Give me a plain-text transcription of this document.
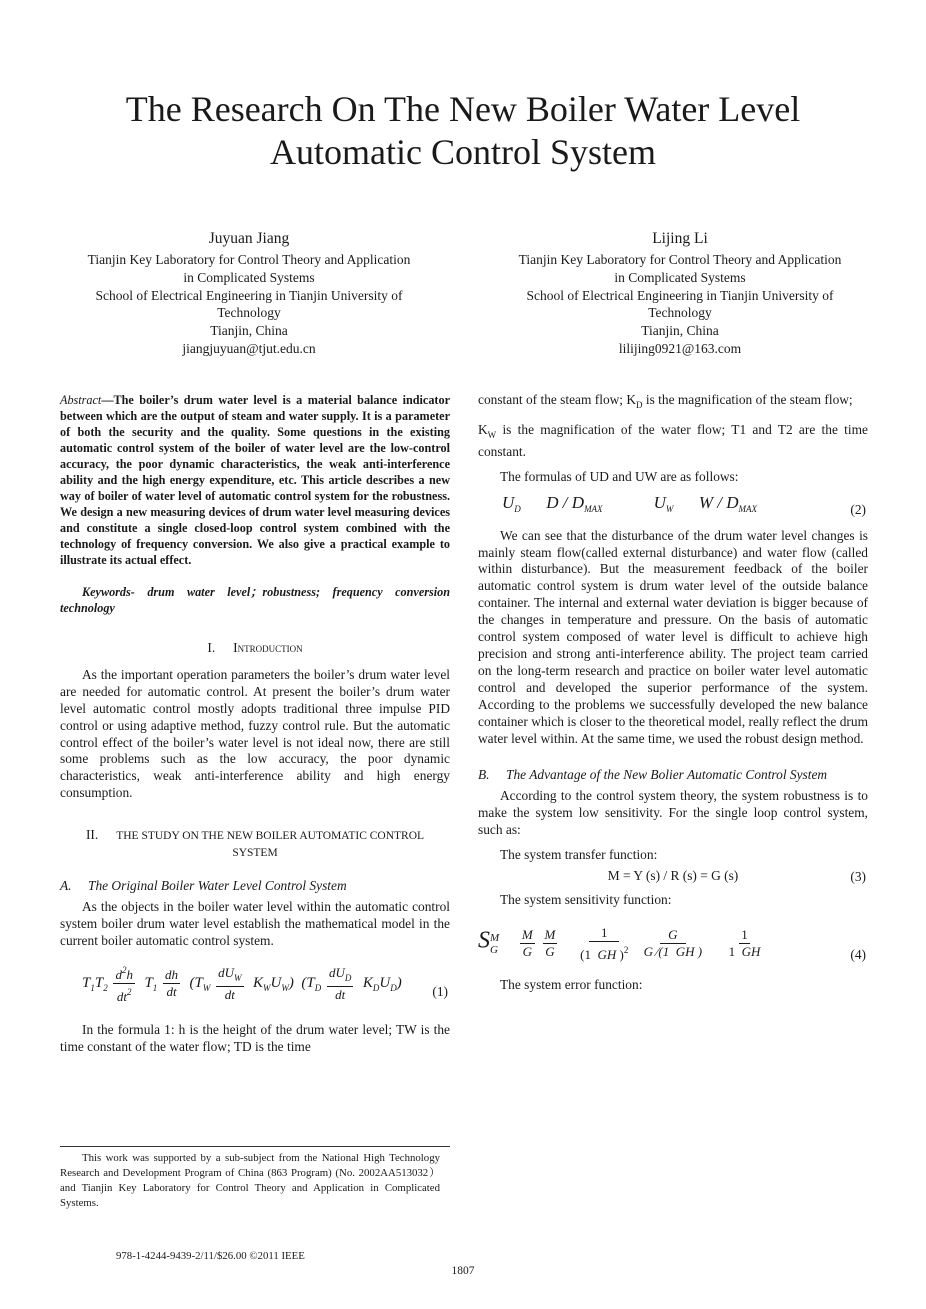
The Research On The New Boiler Water Level
Automatic Control System
Juyuan Jiang
Tianjin Key Laboratory for Control Theory and Application
in Complicated Systems
School of Electrical Engineering in Tianjin University of
Technology
Tianjin, China
jiangjuyuan@tjut.edu.cn
Lijing Li
Tianjin Key Laboratory for Control Theory and Application
in Complicated Systems
School of Electrical Engineering in Tianjin University of
Technology
Tianjin, China
lilijing0921@163.com

Abstract—The boiler’s drum water level is a material balance indicator between which are the output of steam and water supply. It is a parameter of both the security and the quality. Some questions in the existing automatic control system of the boiler of water level are the low-control accuracy, the poor dynamic characteristics, the weak anti-interference ability and the high energy expenditure, etc. This article describes a new way of boiler of water level of automatic control system for the robustness. We design a new measuring devices of drum water level measuring devices and constitute a single closed-loop control system combined with the technology of frequency conversion. We also give a practical example to illustrate its actual effect.

Keywords- drum water level；robustness; frequency conversion technology

I. Introduction

As the important operation parameters the boiler’s drum water level are needed for automatic control. At present the boiler’s drum water level automatic control mostly adopts traditional three impulse PID control or using adaptive method, fuzzy control rule. But the automatic control effect of the boiler’s water level is not ideal now, there are still some problems such as the low accuracy, the poor dynamic characteristics, weak anti-interference ability and high energy consumption.

II. THE STUDY ON THE NEW BOILER AUTOMATIC CONTROL SYSTEM
A. The Original Boiler Water Level Control System

As the objects in the boiler water level within the automatic control system boiler drum water level establish the mathematical model in the current boiler automatic control system.

$T_1T_2 \frac{d^2h}{dt^2} T_1 \frac{dh}{dt} (T_W \frac{dU_W}{dt} K_WU_W)$  $(T_D \frac{dU_D}{dt} K_DU_D)$
(1)

In the formula 1: h is the height of the drum water level; TW is the time constant of the water flow; TD is the time

constant of the steam flow; $K_D$ is the magnification of the steam flow;

$K_W$ is the magnification of the water flow; T1 and T2 are the time constant.

The formulas of UD and UW are as follows:

$U_D$      D / $D_{MAX}$            $U_W$      W / $D_{MAX}$	(2)

We can see that the disturbance of the drum water level changes is mainly steam flow(called external disturbance) and water flow (called within disturbance). But the measurement feedback of the boiler automatic control system is drum water level of the outside balance container. The internal and external water deviation is bigger because of the changes in temperature and pressure. On the basis of automatic control system composed of water level is difficult to achieve high precision and strong anti-interference ability. The project team carried on the long-term research and practice on boiler water level automatic control and developed the superior performance of the system. According to the problems we successfully developed the new balance container which is closer to the theoretical model, really reflect the drum water level within. At the same time, we used the robust design method.

B. The Advantage of the New Bolier Automatic Control System

According to the control system theory, the system robustness is to make the system low sensitivity. For the single loop control system, such as:

The system transfer function:

M = Y (s) / R (s) = G (s)	(3)

The system sensitivity function:

S M
G
$\frac{M}{G}$
$\frac{M}{G}$
$\frac{1}{(1 GH )^2}$
$\frac{G}{G ⁄(1 GH )}$
$\frac{1}{1 GH}$	(4)

The system error function:

This work was supported by a sub-subject from the National High Technology Research and Development Program of China (863 Program) (No. 2002AA513032）and Tianjin Key Laboratory for Control Theory and Application in Complicated Systems.

978-1-4244-9439-2/11/$26.00 ©2011 IEEE
1807
